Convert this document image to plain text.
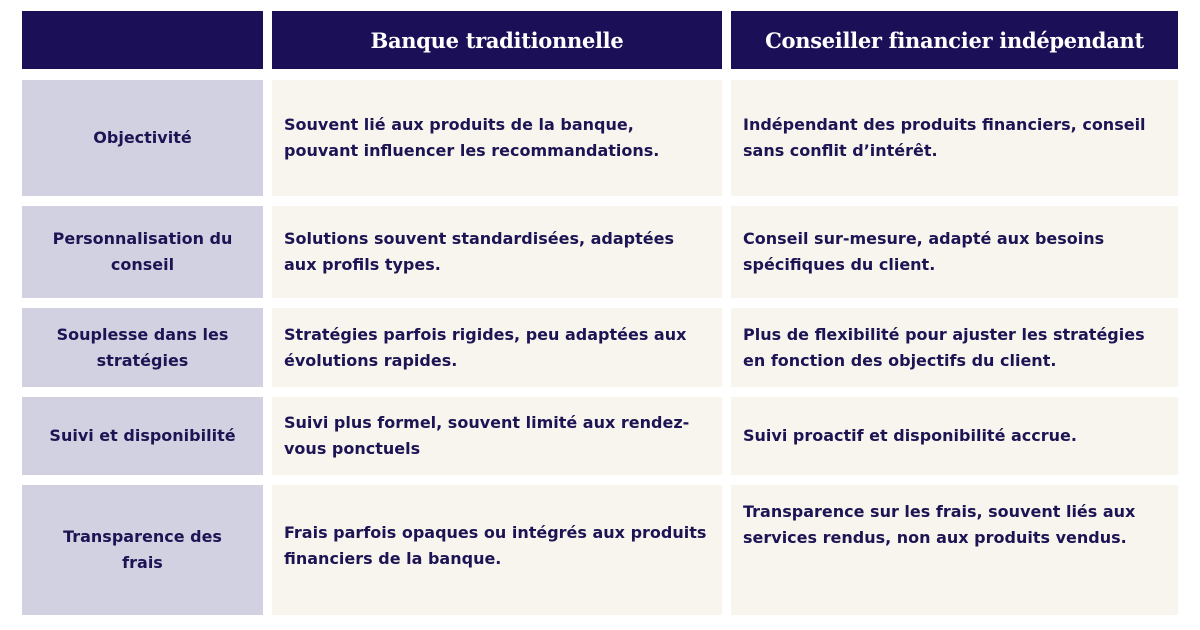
Banque traditionnelle	Conseiller financier indépendant
Objectivité
Souvent lié aux produits de la banque, pouvant influencer les recommandations.
Indépendant des produits financiers, conseil sans conflit d’intérêt.
Personnalisation du conseil
Solutions souvent standardisées, adaptées aux profils types.
Conseil sur-mesure, adapté aux besoins spécifiques du client.
Souplesse dans les stratégies
Stratégies parfois rigides, peu adaptées aux évolutions rapides.
Plus de flexibilité pour ajuster les stratégies en fonction des objectifs du client.
Suivi et disponibilité
Suivi plus formel, souvent limité aux rendez-vous ponctuels
Suivi proactif et disponibilité accrue.
Transparence des frais
Frais parfois opaques ou intégrés aux produits financiers de la banque.
Transparence sur les frais, souvent liés aux services rendus, non aux produits vendus.
